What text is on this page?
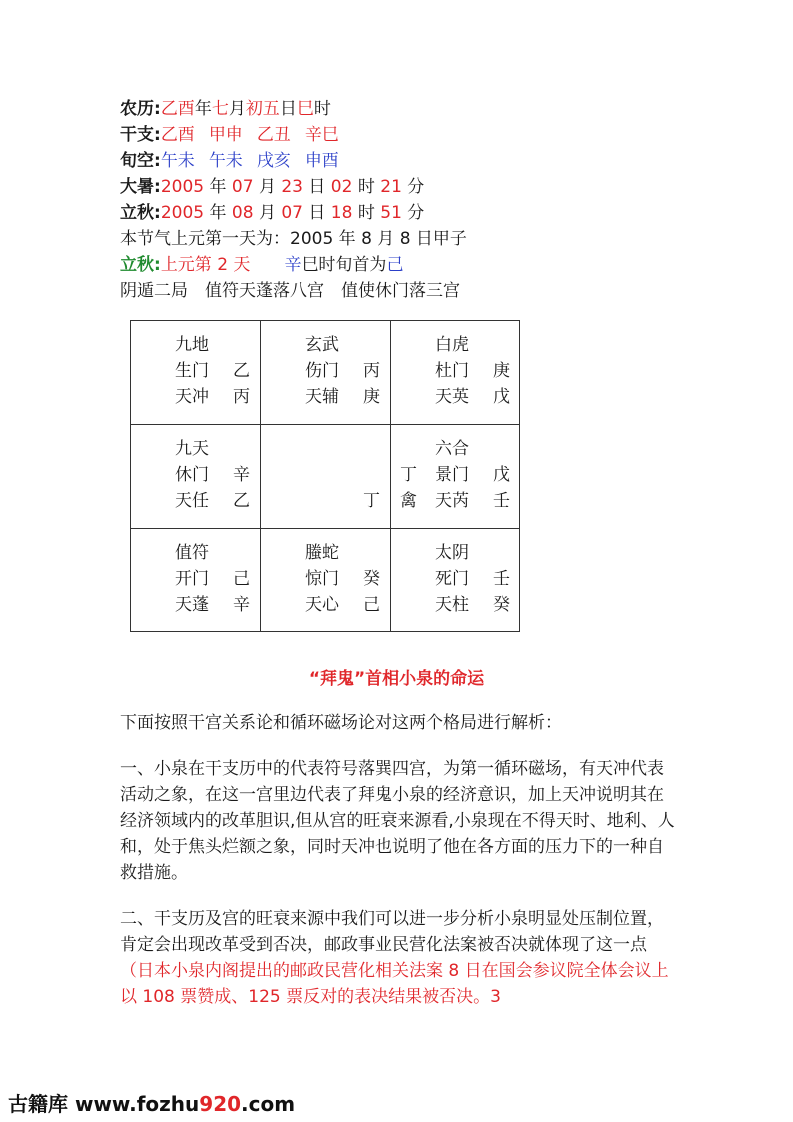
农历:乙酉年七月初五日巳时
干支:乙酉 甲申 乙丑 辛巳
旬空:午未 午未 戌亥 申酉
大暑:2005 年 07 月 23 日 02 时 21 分
立秋:2005 年 08 月 07 日 18 时 51 分
本节气上元第一天为：2005 年 8 月 8 日甲子
立秋:上元第 2 天 辛巳时旬首为己
阴遁二局　值符天蓬落八宫　值使休门落三宫
九地
生门 乙
天冲 丙
玄武
伤门 丙
天辅 庚
白虎
杜门 庚
天英 戊
九天
休门 辛
天任 乙	丁
六合
景门 戊
天芮 壬
丁
禽
值符
开门 己
天蓬 辛
螣蛇
惊门 癸
天心 己
太阴
死门 壬
天柱 癸
“拜鬼”首相小泉的命运

下面按照干宫关系论和循环磁场论对这两个格局进行解析：

一、小泉在干支历中的代表符号落巽四宫，为第一循环磁场，有天冲代表活动之象，在这一宫里边代表了拜鬼小泉的经济意识，加上天冲说明其在经济领域内的改革胆识,但从宫的旺衰来源看,小泉现在不得天时、地利、人和，处于焦头烂额之象，同时天冲也说明了他在各方面的压力下的一种自救措施。

二、干支历及宫的旺衰来源中我们可以进一步分析小泉明显处压制位置，肯定会出现改革受到否决，邮政事业民营化法案被否决就体现了这一点（日本小泉内阁提出的邮政民营化相关法案 8 日在国会参议院全体会议上以 108 票赞成、125 票反对的表决结果被否决。3

古籍库 www.fozhu920.com
